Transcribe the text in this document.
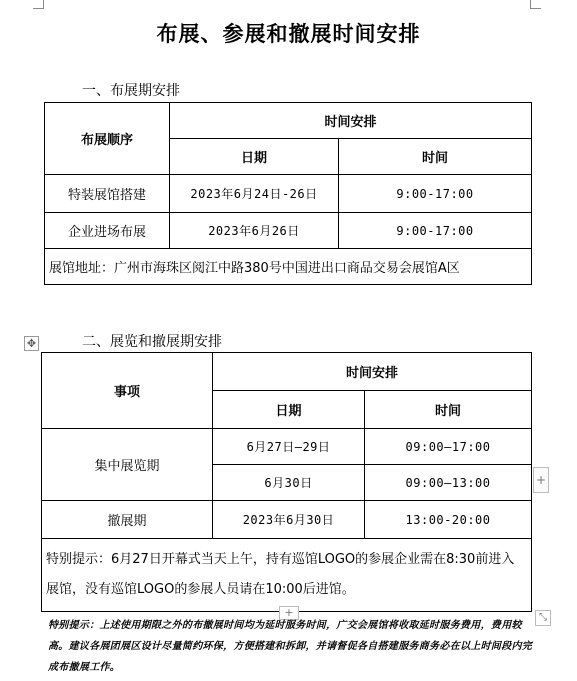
布展、参展和撤展时间安排

一、布展期安排

布展顺序	时间安排	
	日期	时间
特装展馆搭建	2023年6月24日-26日	9:00-17:00
企业进场布展	2023年6月26日	9:00-17:00
展馆地址：广州市海珠区阅江中路380号中国进出口商品交易会展馆A区		
✥	二、展览和撤展期安排

事项	时间安排	
	日期	时间
集中展览期	6月27日—29日	09:00—17:00
	6月30日	09:00—13:00
撤展期	2023年6月30日	13:00-20:00
特别提示：6月27日开幕式当天上午，持有巡馆LOGO的参展企业需在8:30前进入展馆，没有巡馆LOGO的参展人员请在10:00后进馆。		
+
+	⤡

特别提示：上述使用期限之外的布撤展时间均为延时服务时间，广交会展馆将收取延时服务费用，费用较高。建议各展团展区设计尽量简约环保，方便搭建和拆卸，并请督促各自搭建服务商务必在以上时间段内完成布撤展工作。
